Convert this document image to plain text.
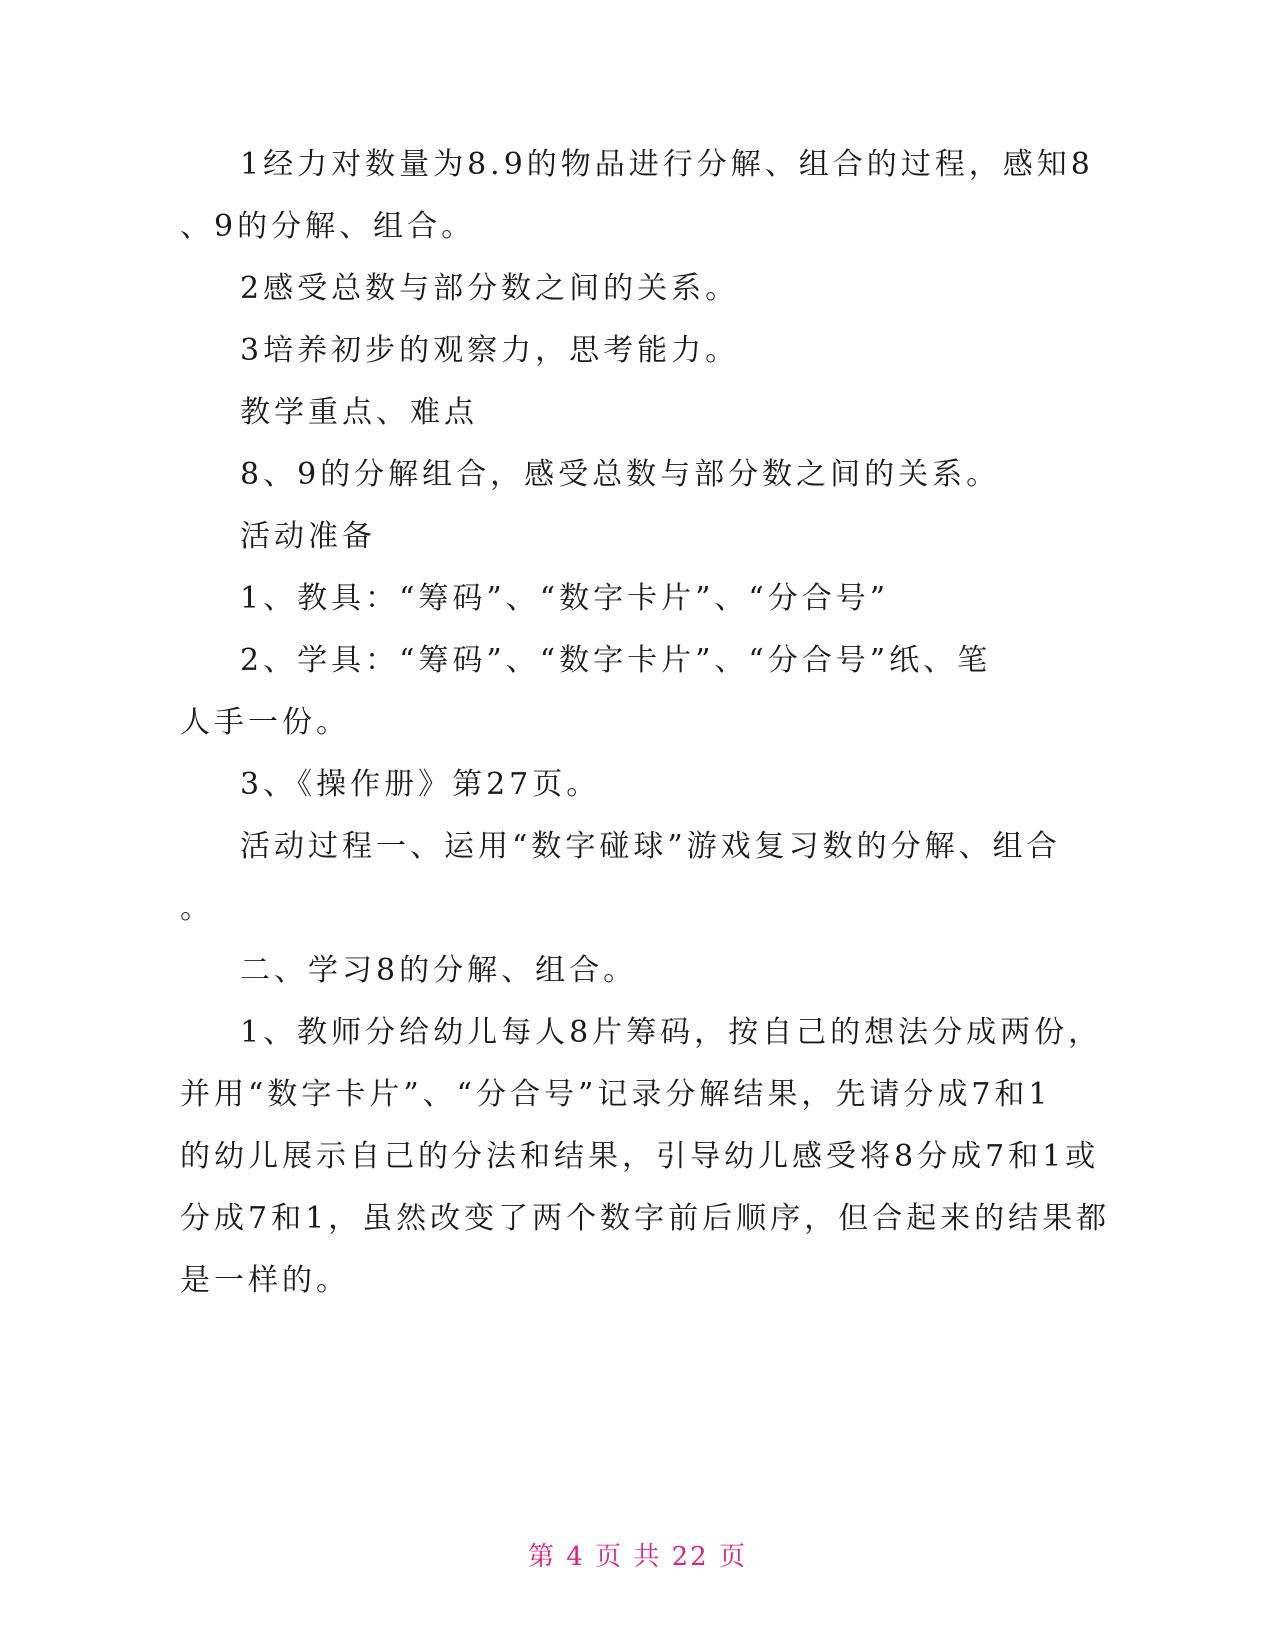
1经力对数量为8.9的物品进行分解、组合的过程，感知8
、9的分解、组合。
2感受总数与部分数之间的关系。
3培养初步的观察力，思考能力。
教学重点、难点
8、9的分解组合，感受总数与部分数之间的关系。
活动准备
1、教具：“筹码”、“数字卡片”、“分合号”
2、学具：“筹码”、“数字卡片”、“分合号”纸、笔
人手一份。
3、《操作册》第27页。
活动过程一、运用“数字碰球”游戏复习数的分解、组合
。
二、学习8的分解、组合。
1、教师分给幼儿每人8片筹码，按自己的想法分成两份，
并用“数字卡片”、“分合号”记录分解结果，先请分成7和1
的幼儿展示自己的分法和结果，引导幼儿感受将8分成7和1或
分成7和1，虽然改变了两个数字前后顺序，但合起来的结果都
是一样的。
第 4 页 共 22 页
